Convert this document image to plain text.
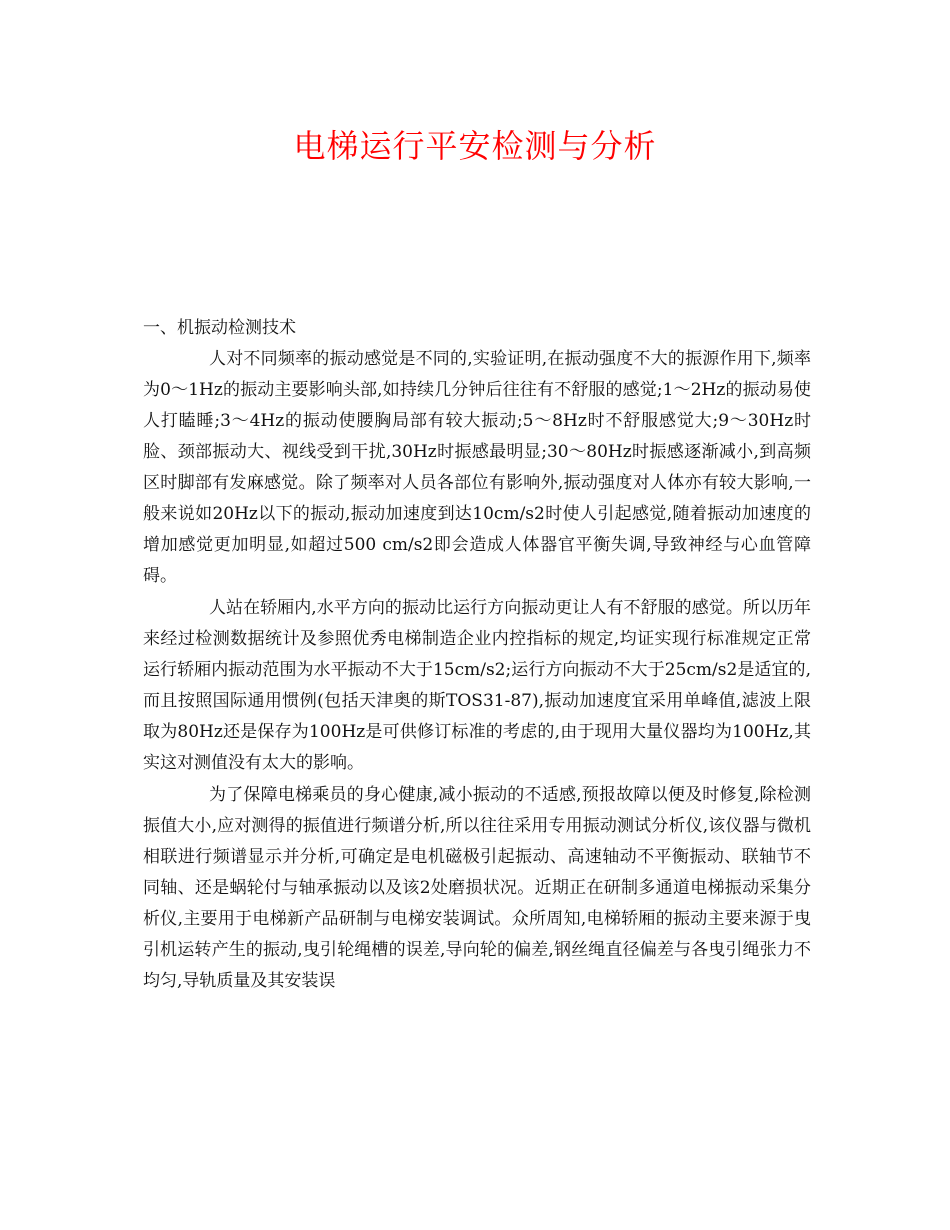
电梯运行平安检测与分析
一、机振动检测技术

人对不同频率的振动感觉是不同的,实验证明,在振动强度不大的振源作用下,频率为0～1Hz的振动主要影响头部,如持续几分钟后往往有不舒服的感觉;1～2Hz的振动易使人打瞌睡;3～4Hz的振动使腰胸局部有较大振动;5～8Hz时不舒服感觉大;9～30Hz时脸、颈部振动大、视线受到干扰,30Hz时振感最明显;30～80Hz时振感逐渐减小,到高频区时脚部有发麻感觉。除了频率对人员各部位有影响外,振动强度对人体亦有较大影响,一般来说如20Hz以下的振动,振动加速度到达10cm/s2时使人引起感觉,随着振动加速度的增加感觉更加明显,如超过500 cm/s2即会造成人体器官平衡失调,导致神经与心血管障碍。

人站在轿厢内,水平方向的振动比运行方向振动更让人有不舒服的感觉。所以历年来经过检测数据统计及参照优秀电梯制造企业内控指标的规定,均证实现行标准规定正常运行轿厢内振动范围为水平振动不大于15cm/s2;运行方向振动不大于25cm/s2是适宜的,而且按照国际通用惯例(包括天津奥的斯TOS31-87),振动加速度宜采用单峰值,滤波上限取为80Hz还是保存为100Hz是可供修订标准的考虑的,由于现用大量仪器均为100Hz,其实这对测值没有太大的影响。

为了保障电梯乘员的身心健康,减小振动的不适感,预报故障以便及时修复,除检测振值大小,应对测得的振值进行频谱分析,所以往往采用专用振动测试分析仪,该仪器与微机相联进行频谱显示并分析,可确定是电机磁极引起振动、高速轴动不平衡振动、联轴节不同轴、还是蜗轮付与轴承振动以及该2处磨损状况。近期正在研制多通道电梯振动采集分析仪,主要用于电梯新产品研制与电梯安装调试。众所周知,电梯轿厢的振动主要来源于曳引机运转产生的振动,曳引轮绳槽的误差,导向轮的偏差,钢丝绳直径偏差与各曳引绳张力不均匀,导轨质量及其安装误
